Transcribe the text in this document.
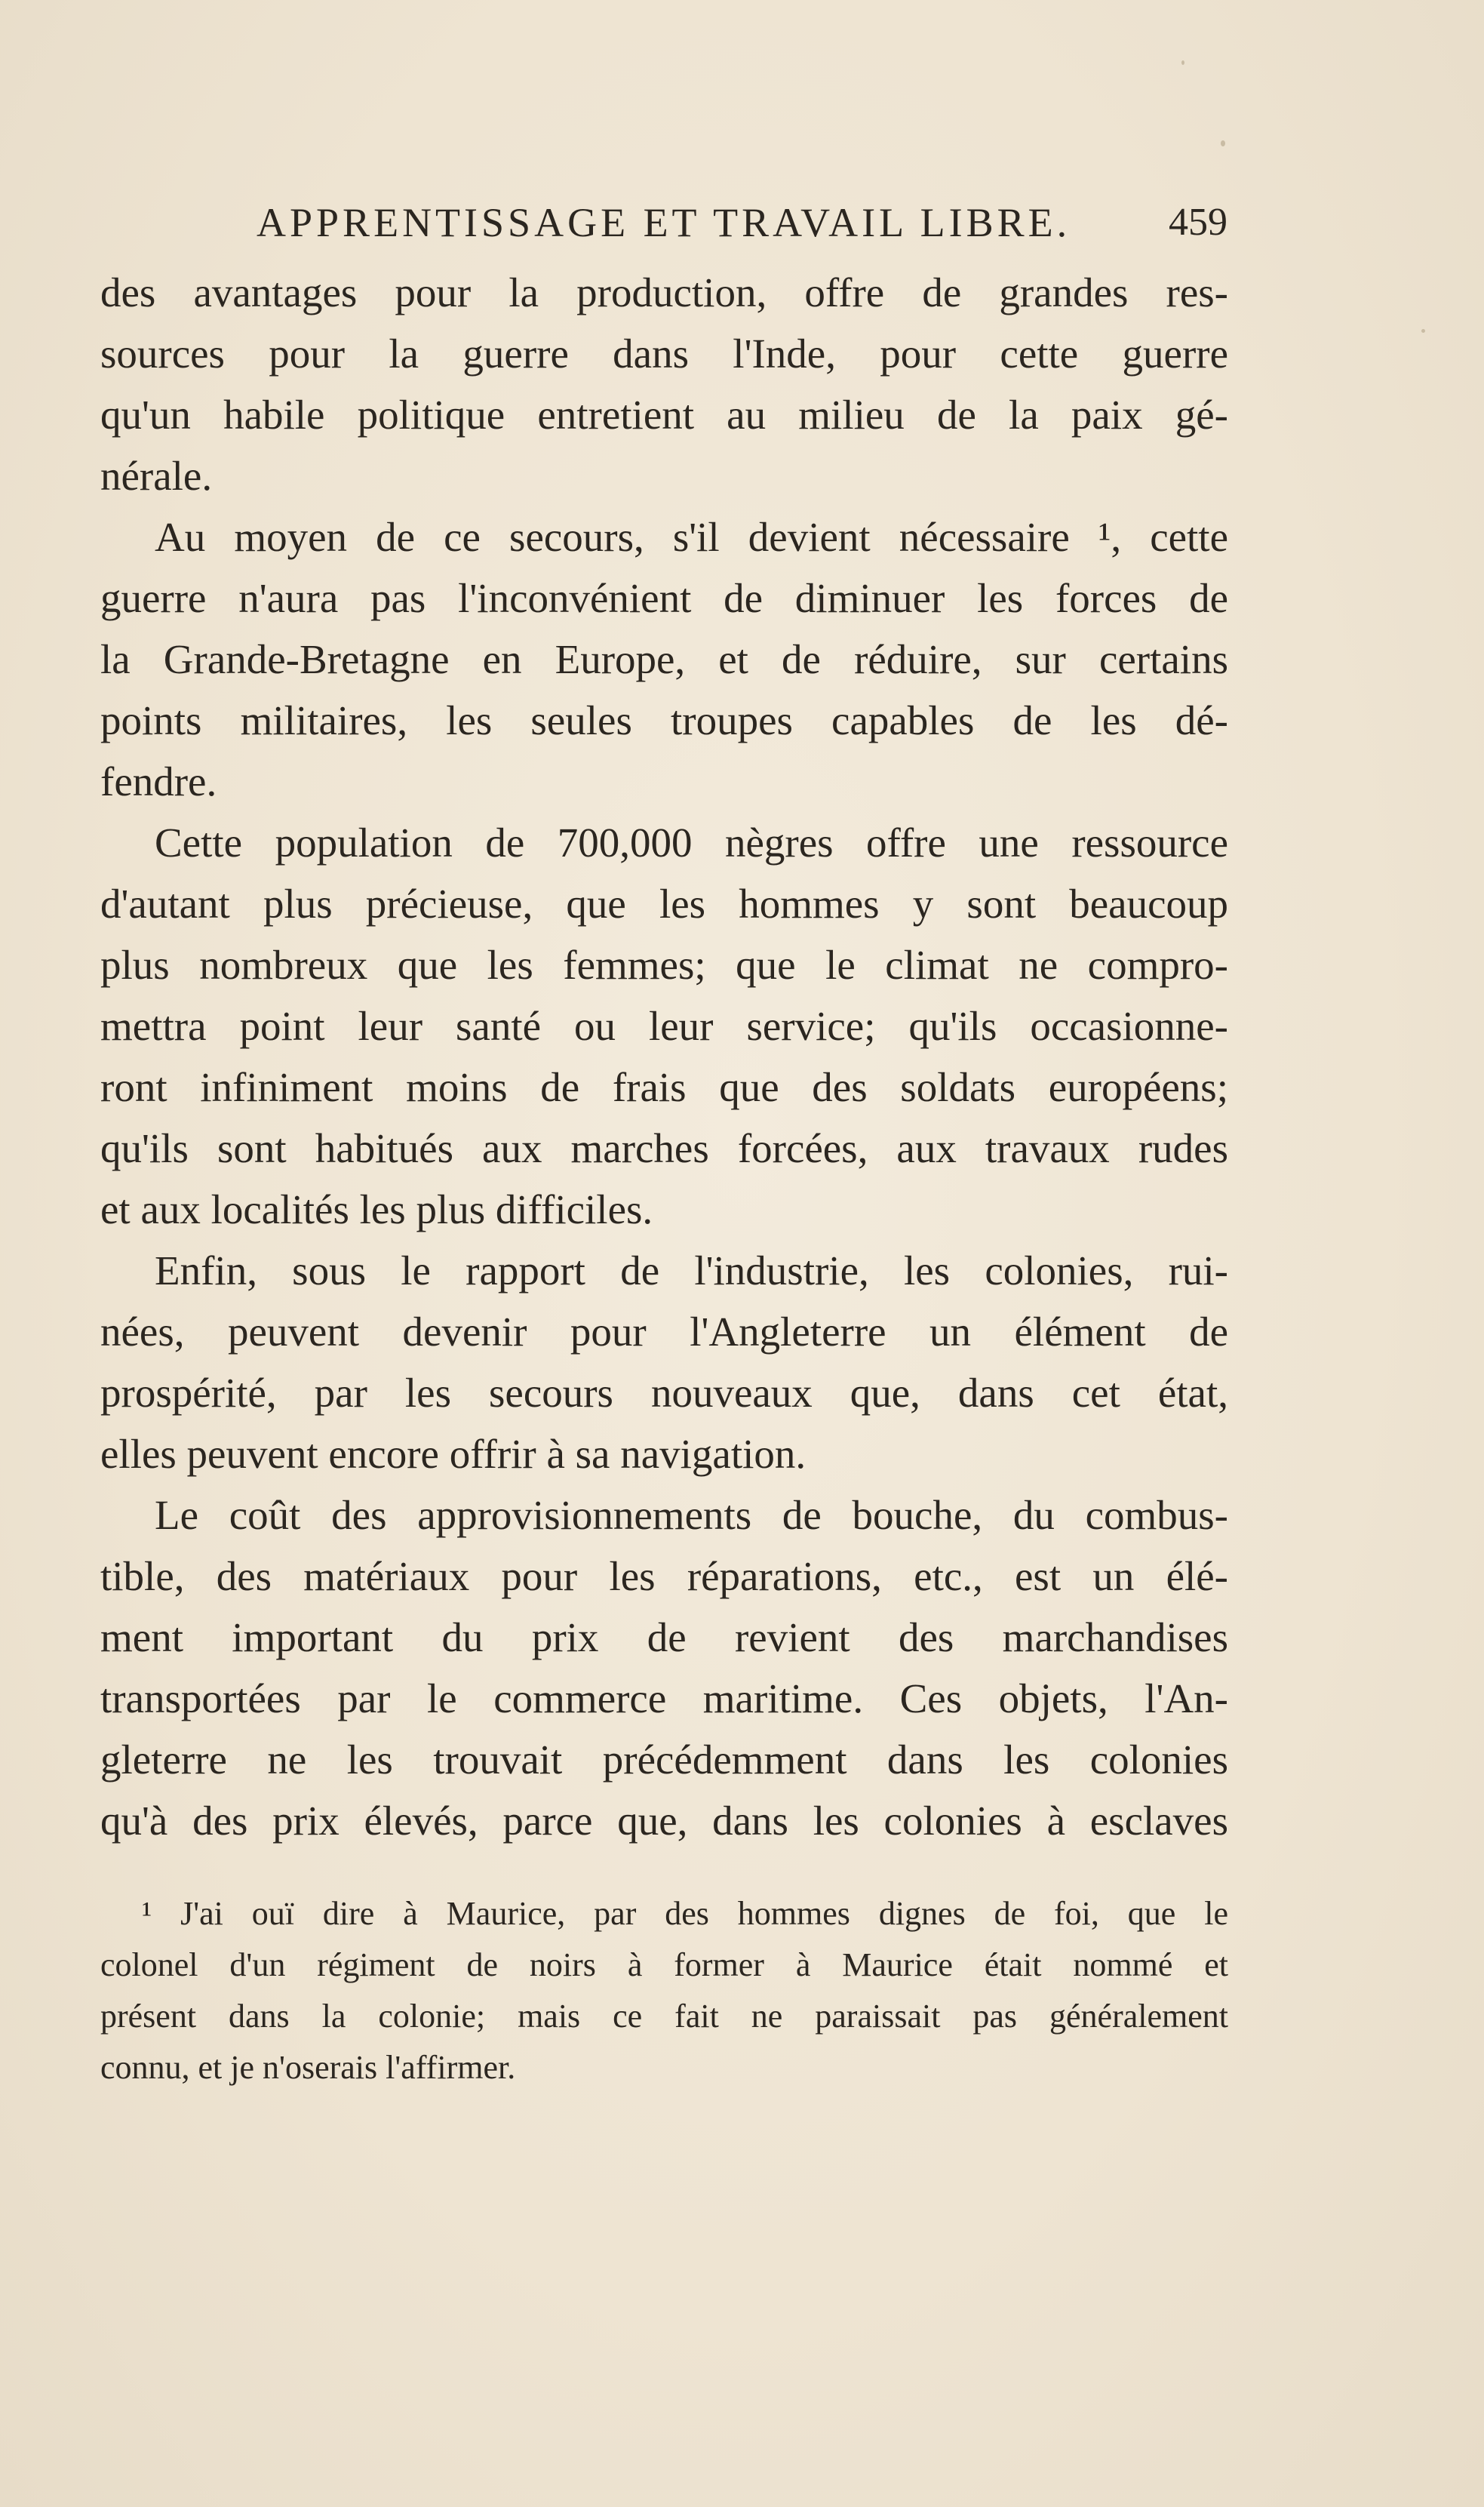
APPRENTISSAGE ET TRAVAIL LIBRE. 459
des avantages pour la production, offre de grandes res-
sources pour la guerre dans l'Inde, pour cette guerre
qu'un habile politique entretient au milieu de la paix gé-
nérale.
Au moyen de ce secours, s'il devient nécessaire ¹, cette
guerre n'aura pas l'inconvénient de diminuer les forces de
la Grande-Bretagne en Europe, et de réduire, sur certains
points militaires, les seules troupes capables de les dé-
fendre.
Cette population de 700,000 nègres offre une ressource
d'autant plus précieuse, que les hommes y sont beaucoup
plus nombreux que les femmes; que le climat ne compro-
mettra point leur santé ou leur service; qu'ils occasionne-
ront infiniment moins de frais que des soldats européens;
qu'ils sont habitués aux marches forcées, aux travaux rudes
et aux localités les plus difficiles.
Enfin, sous le rapport de l'industrie, les colonies, rui-
nées, peuvent devenir pour l'Angleterre un élément de
prospérité, par les secours nouveaux que, dans cet état,
elles peuvent encore offrir à sa navigation.
Le coût des approvisionnements de bouche, du combus-
tible, des matériaux pour les réparations, etc., est un élé-
ment important du prix de revient des marchandises
transportées par le commerce maritime. Ces objets, l'An-
gleterre ne les trouvait précédemment dans les colonies
qu'à des prix élevés, parce que, dans les colonies à esclaves
¹ J'ai ouï dire à Maurice, par des hommes dignes de foi, que le
colonel d'un régiment de noirs à former à Maurice était nommé et
présent dans la colonie; mais ce fait ne paraissait pas généralement
connu, et je n'oserais l'affirmer.
